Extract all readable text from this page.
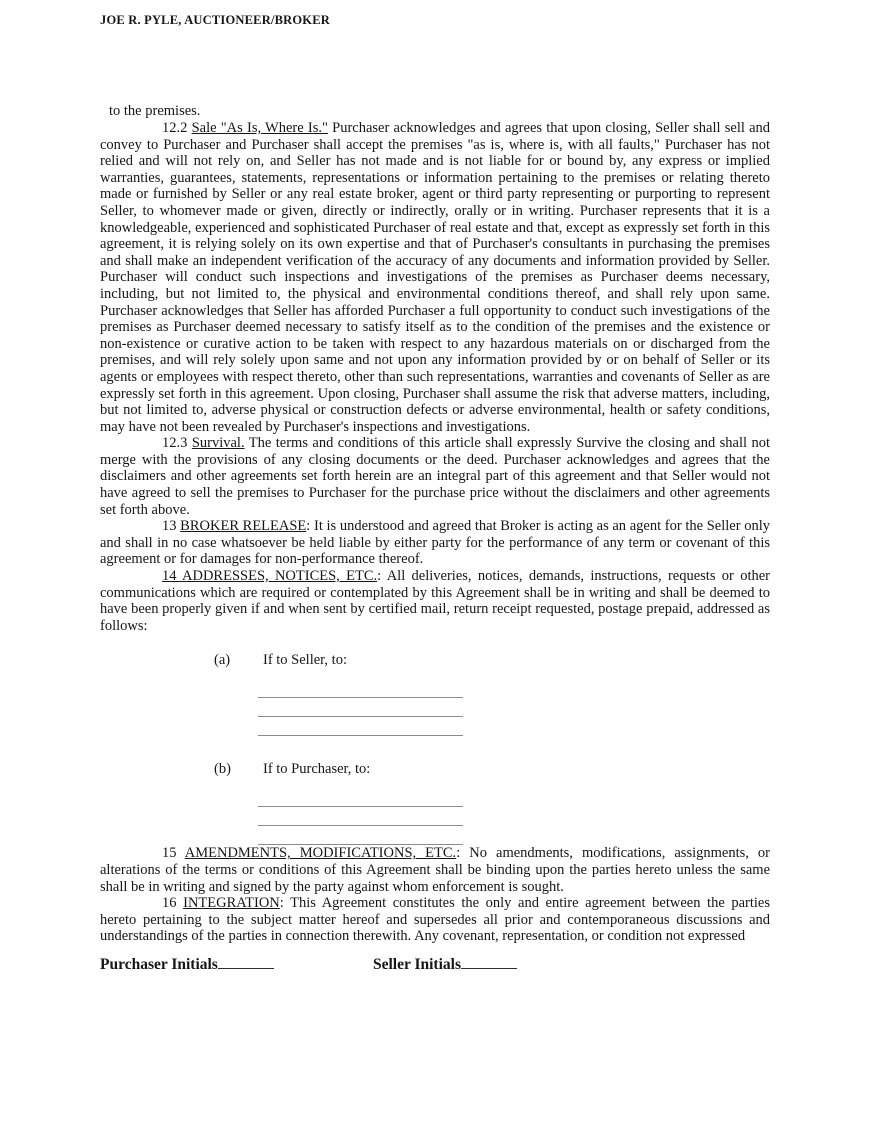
JOE R. PYLE, AUCTIONEER/BROKER
to the premises.

12.2 Sale "As Is, Where Is." Purchaser acknowledges and agrees that upon closing, Seller shall sell and convey to Purchaser and Purchaser shall accept the premises "as is, where is, with all faults," Purchaser has not relied and will not rely on, and Seller has not made and is not liable for or bound by, any express or implied warranties, guarantees, statements, representations or information pertaining to the premises or relating thereto made or furnished by Seller or any real estate broker, agent or third party representing or purporting to represent Seller, to whomever made or given, directly or indirectly, orally or in writing. Purchaser represents that it is a knowledgeable, experienced and sophisticated Purchaser of real estate and that, except as expressly set forth in this agreement, it is relying solely on its own expertise and that of Purchaser's consultants in purchasing the premises and shall make an independent verification of the accuracy of any documents and information provided by Seller. Purchaser will conduct such inspections and investigations of the premises as Purchaser deems necessary, including, but not limited to, the physical and environmental conditions thereof, and shall rely upon same. Purchaser acknowledges that Seller has afforded Purchaser a full opportunity to conduct such investigations of the premises as Purchaser deemed necessary to satisfy itself as to the condition of the premises and the existence or non-existence or curative action to be taken with respect to any hazardous materials on or discharged from the premises, and will rely solely upon same and not upon any information provided by or on behalf of Seller or its agents or employees with respect thereto, other than such representations, warranties and covenants of Seller as are expressly set forth in this agreement. Upon closing, Purchaser shall assume the risk that adverse matters, including, but not limited to, adverse physical or construction defects or adverse environmental, health or safety conditions, may have not been revealed by Purchaser's inspections and investigations.

12.3 Survival. The terms and conditions of this article shall expressly Survive the closing and shall not merge with the provisions of any closing documents or the deed. Purchaser acknowledges and agrees that the disclaimers and other agreements set forth herein are an integral part of this agreement and that Seller would not have agreed to sell the premises to Purchaser for the purchase price without the disclaimers and other agreements set forth above.

13 BROKER RELEASE: It is understood and agreed that Broker is acting as an agent for the Seller only and shall in no case whatsoever be held liable by either party for the performance of any term or covenant of this agreement or for damages for non-performance thereof.

14 ADDRESSES, NOTICES, ETC.: All deliveries, notices, demands, instructions, requests or other communications which are required or contemplated by this Agreement shall be in writing and shall be deemed to have been properly given if and when sent by certified mail, return receipt requested, postage prepaid, addressed as follows:

(a)	If to Seller, to:
(b)	If to Purchaser, to:

15 AMENDMENTS, MODIFICATIONS, ETC.: No amendments, modifications, assignments, or alterations of the terms or conditions of this Agreement shall be binding upon the parties hereto unless the same shall be in writing and signed by the party against whom enforcement is sought.

16 INTEGRATION: This Agreement constitutes the only and entire agreement between the parties hereto pertaining to the subject matter hereof and supersedes all prior and contemporaneous discussions and understandings of the parties in connection therewith. Any covenant, representation, or condition not expressed

Purchaser Initials	Seller Initials
